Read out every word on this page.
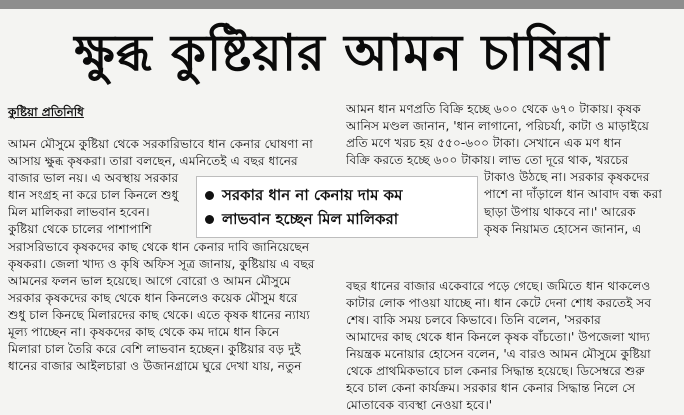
ক্ষুব্ধ কুষ্টিয়ার আমন চাষিরা
কুষ্টিয়া প্রতিনিধি
আমন মৌসুমে কুষ্টিয়া থেকে সরকারিভাবে ধান কেনার ঘোষণা না
আসায় ক্ষুব্ধ কৃষকরা। তারা বলছেন, এমনিতেই এ বছর ধানের
বাজার ভাল নয়। এ অবস্থায় সরকার
ধান সংগ্রহ না করে চাল কিনলে শুধু
মিল মালিকরা লাভবান হবেন।
কুষ্টিয়া থেকে চালের পাশাপাশি
সরাসরিভাবে কৃষকদের কাছ থেকে ধান কেনার দাবি জানিয়েছেন
কৃষকরা। জেলা খাদ্য ও কৃষি অফিস সূত্র জানায়, কুষ্টিয়ায় এ বছর
আমনের ফলন ভাল হয়েছে। আগে বোরো ও আমন মৌসুমে
সরকার কৃষকদের কাছ থেকে ধান কিনলেও কয়েক মৌসুম ধরে
শুধু চাল কিনছে মিলারদের কাছ থেকে। এতে কৃষক ধানের ন্যায্য
মূল্য পাচ্ছেন না। কৃষকদের কাছ থেকে কম দামে ধান কিনে
মিলারা চাল তৈরি করে বেশি লাভবান হচ্ছেন। কুষ্টিয়ার বড় দুই
ধানের বাজার আইলচারা ও উজানগ্রামে ঘুরে দেখা যায়, নতুন
আমন ধান মণপ্রতি বিক্রি হচ্ছে ৬০০ থেকে ৬৭০ টাকায়। কৃষক
আনিস মণ্ডল জানান, 'ধান লাগানো, পরিচর্যা, কাটা ও মাড়াইয়ে
প্রতি মণে খরচ হয় ৫৫০-৬০০ টাকা। সেখানে এক মণ ধান
বিক্রি করতে হচ্ছে ৬০০ টাকায়। লাভ তো দূরে থাক, খরচের
টাকাও উঠছে না। সরকার কৃষকদের
পাশে না দাঁড়ালে ধান আবাদ বন্ধ করা
ছাড়া উপায় থাকবে না।' আরেক
কৃষক নিয়ামত হোসেন জানান, এ
বছর ধানের বাজার একেবারে পড়ে গেছে। জমিতে ধান থাকলেও
কাটার লোক পাওয়া যাচ্ছে না। ধান কেটে দেনা শোধ করতেই সব
শেষ। বাকি সময় চলবে কিভাবে। তিনি বলেন, 'সরকার
আমাদের কাছ থেকে ধান কিনলে কৃষক বাঁচতো।' উপজেলা খাদ্য
নিয়ন্ত্রক মনোয়ার হোসেন বলেন, 'এ বারও আমন মৌসুমে কুষ্টিয়া
থেকে প্রাথমিকভাবে চাল কেনার সিদ্ধান্ত হয়েছে। ডিসেম্বরে শুরু
হবে চাল কেনা কার্যক্রম। সরকার ধান কেনার সিদ্ধান্ত নিলে সে
মোতাবেক ব্যবস্থা নেওয়া হবে।'
সরকার ধান না কেনায় দাম কম
লাভবান হচ্ছেন মিল মালিকরা
